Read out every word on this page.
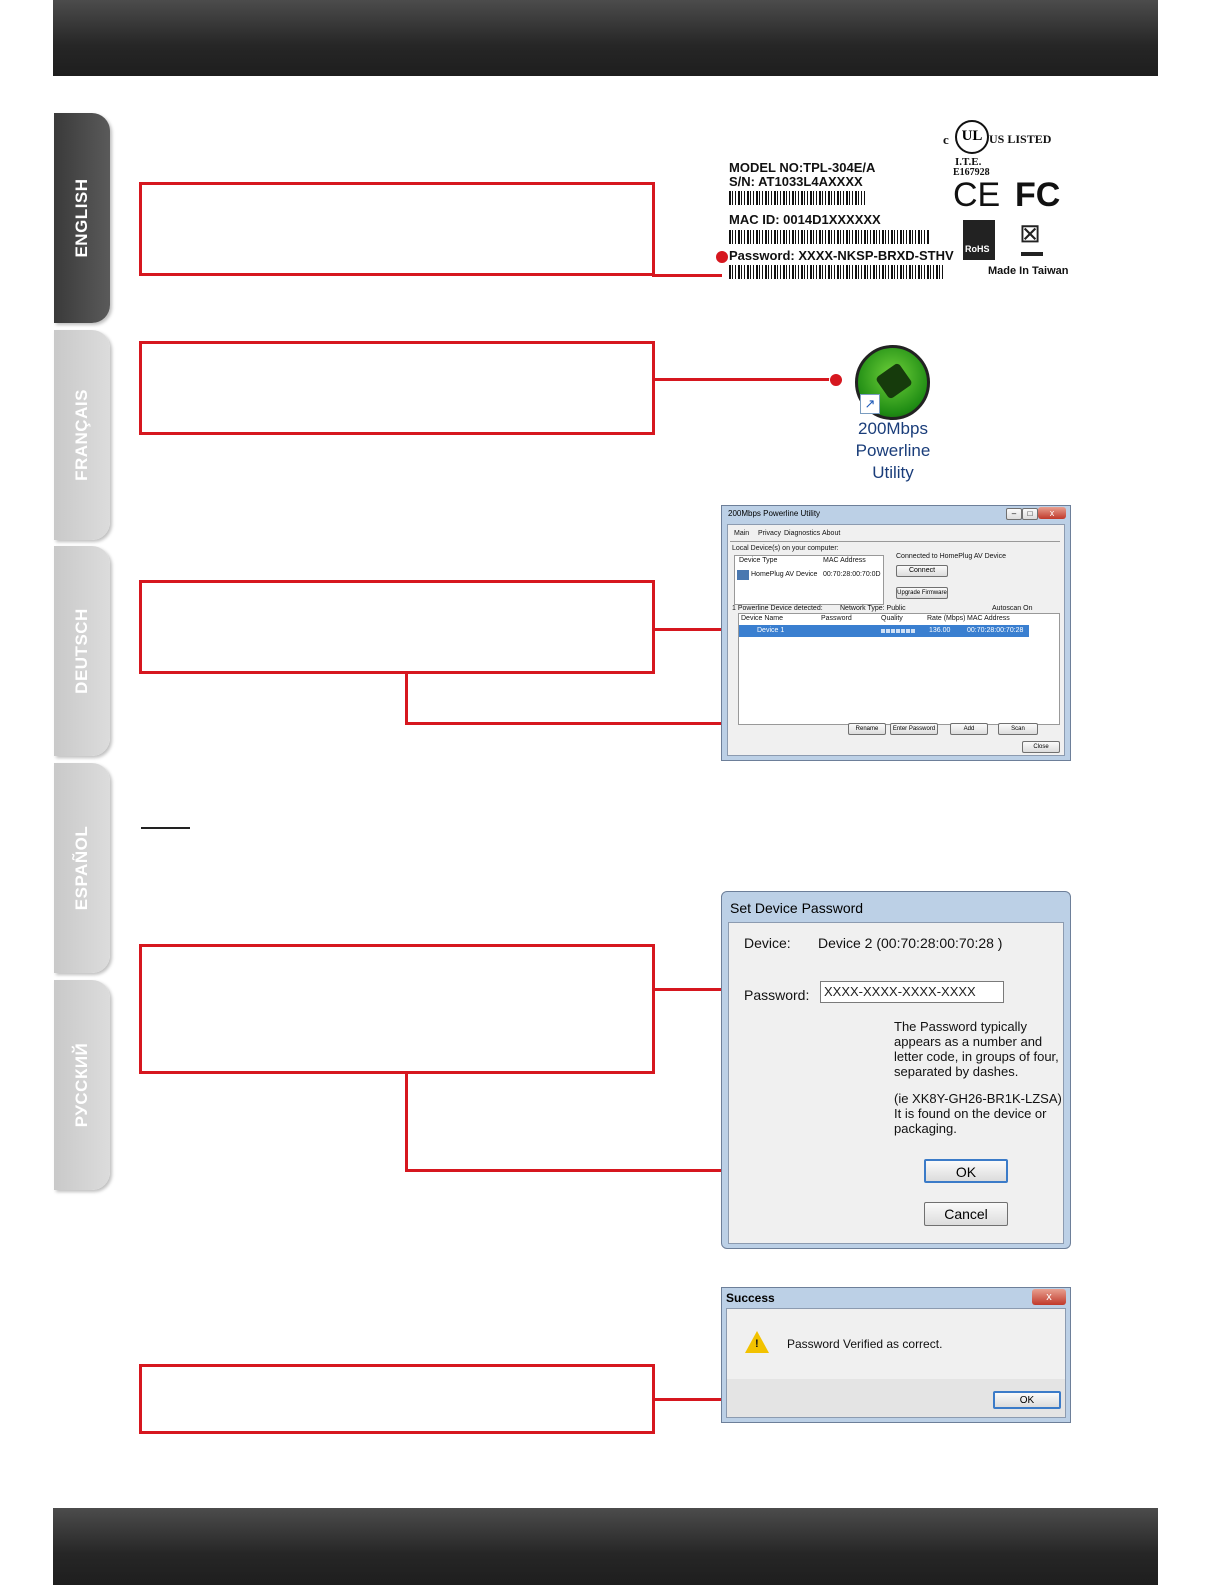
ENGLISH
FRANÇAIS
DEUTSCH
ESPAÑOL
РУССКИЙ
UL
c	US LISTED
I.T.E.
E167928
CE FC
RoHS
⊠
MODEL NO:TPL-304E/A
S/N: AT1033L4AXXXX
MAC ID: 0014D1XXXXXX
Password: XXXX-NKSP-BRXD-STHV
Made In Taiwan
↗
200Mbps
Powerline
Utility
200Mbps Powerline Utility	–	□	x
Main Privacy Diagnostics About
Local Device(s) on your computer:
Device Type	MAC Address
HomePlug AV Device 00:70:28:00:70:0D
Connected to HomePlug AV Device
Connect
Upgrade Firmware
1 Powerline Device detected: Network Type: Public	Autoscan On
Device Name	Password	Quality	Rate (Mbps) MAC Address
Device 1	136.00 00:70:28:00:70:28
Rename	Enter Password	Add	Scan
Close
Set Device Password
Device: Device 2 (00:70:28:00:70:28 )
Password:	XXXX-XXXX-XXXX-XXXX
The Password typically
appears as a number and
letter code, in groups of four,
separated by dashes.
(ie XK8Y-GH26-BR1K-LZSA)
It is found on the device or
packaging.
OK
Cancel
Success	x
! Password Verified as correct.
OK
